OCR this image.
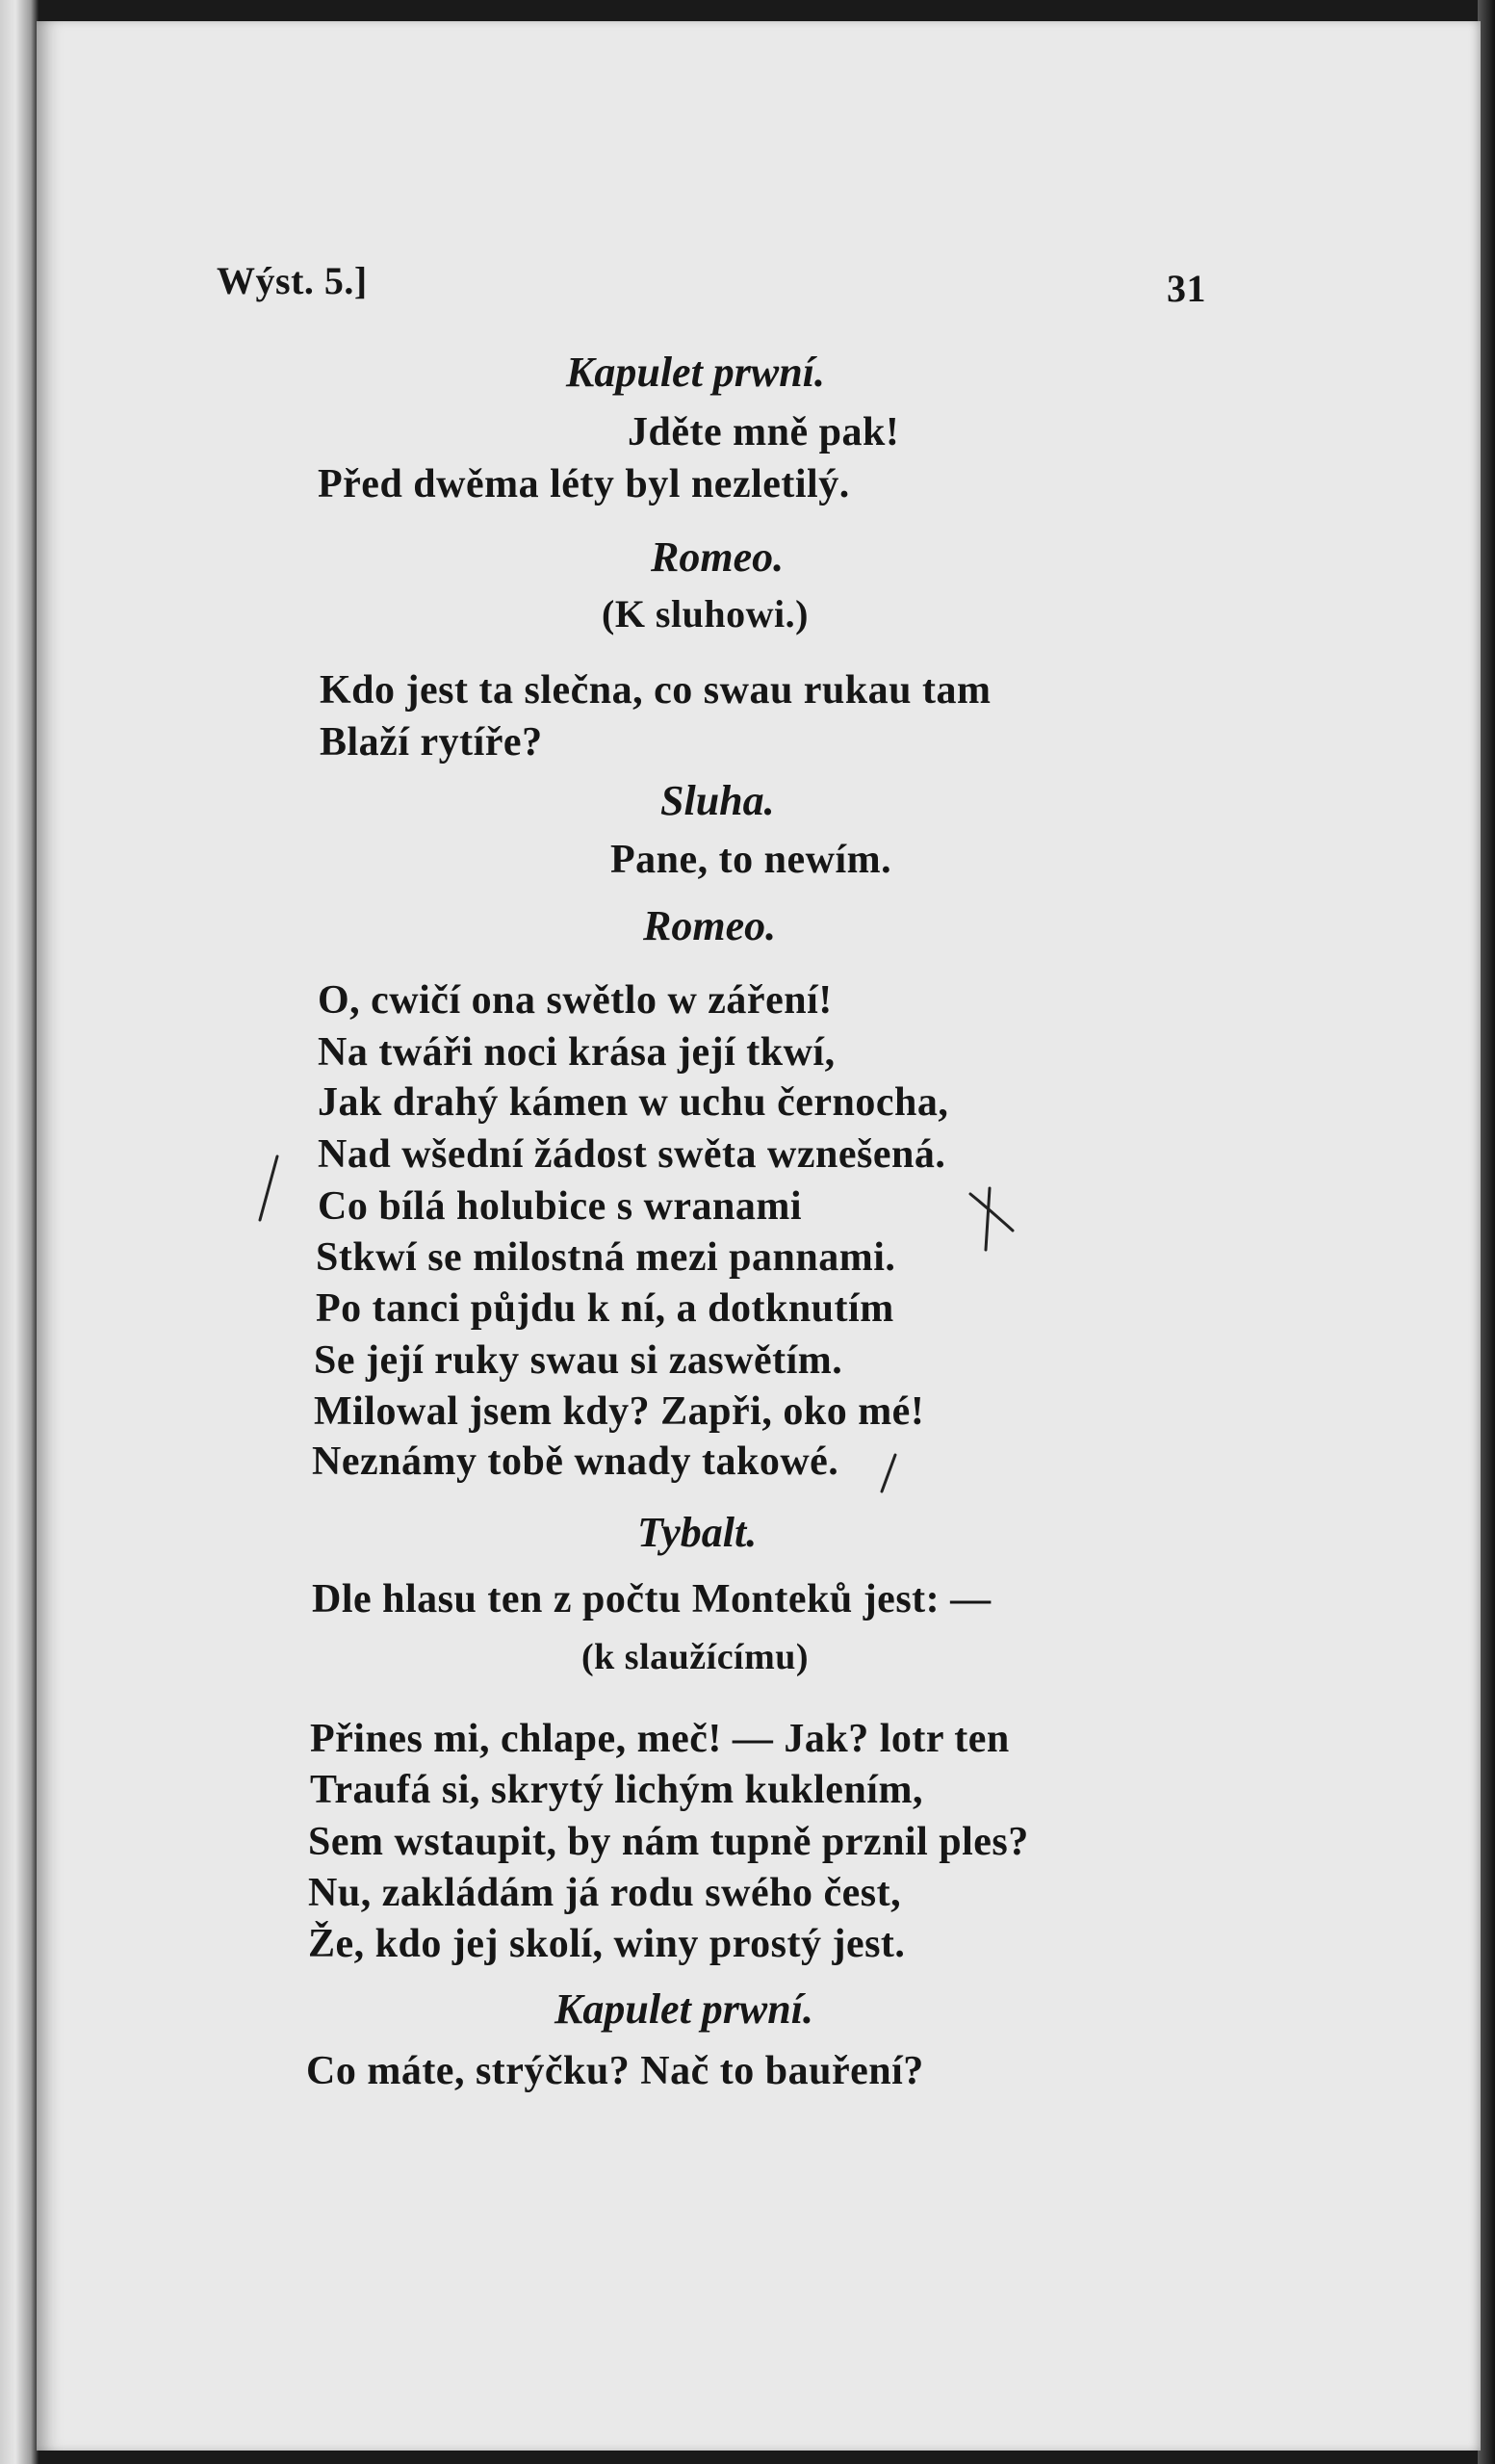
Wýst. 5.]	31
Kapulet prwní.
Jděte mně pak!
Před dwěma léty byl nezletilý.
Romeo.
(K sluhowi.)
Kdo jest ta slečna, co swau rukau tam
Blaží rytíře?
Sluha.
Pane, to newím.
Romeo.
O, cwičí ona swětlo w záření!
Na twáři noci krása její tkwí,
Jak drahý kámen w uchu černocha,
Nad wšední žádost swěta wznešená.
Co bílá holubice s wranami
Stkwí se milostná mezi pannami.
Po tanci půjdu k ní, a dotknutím
Se její ruky swau si zaswětím.
Milowal jsem kdy? Zapři, oko mé!
Neznámy tobě wnady takowé.
Tybalt.
Dle hlasu ten z počtu Monteků jest: —
(k slaužícímu)
Přines mi, chlape, meč! — Jak? lotr ten
Traufá si, skrytý lichým kuklením,
Sem wstaupit, by nám tupně prznil ples?
Nu, zakládám já rodu swého čest,
Že, kdo jej skolí, winy prostý jest.
Kapulet prwní.
Co máte, strýčku? Nač to bauření?
